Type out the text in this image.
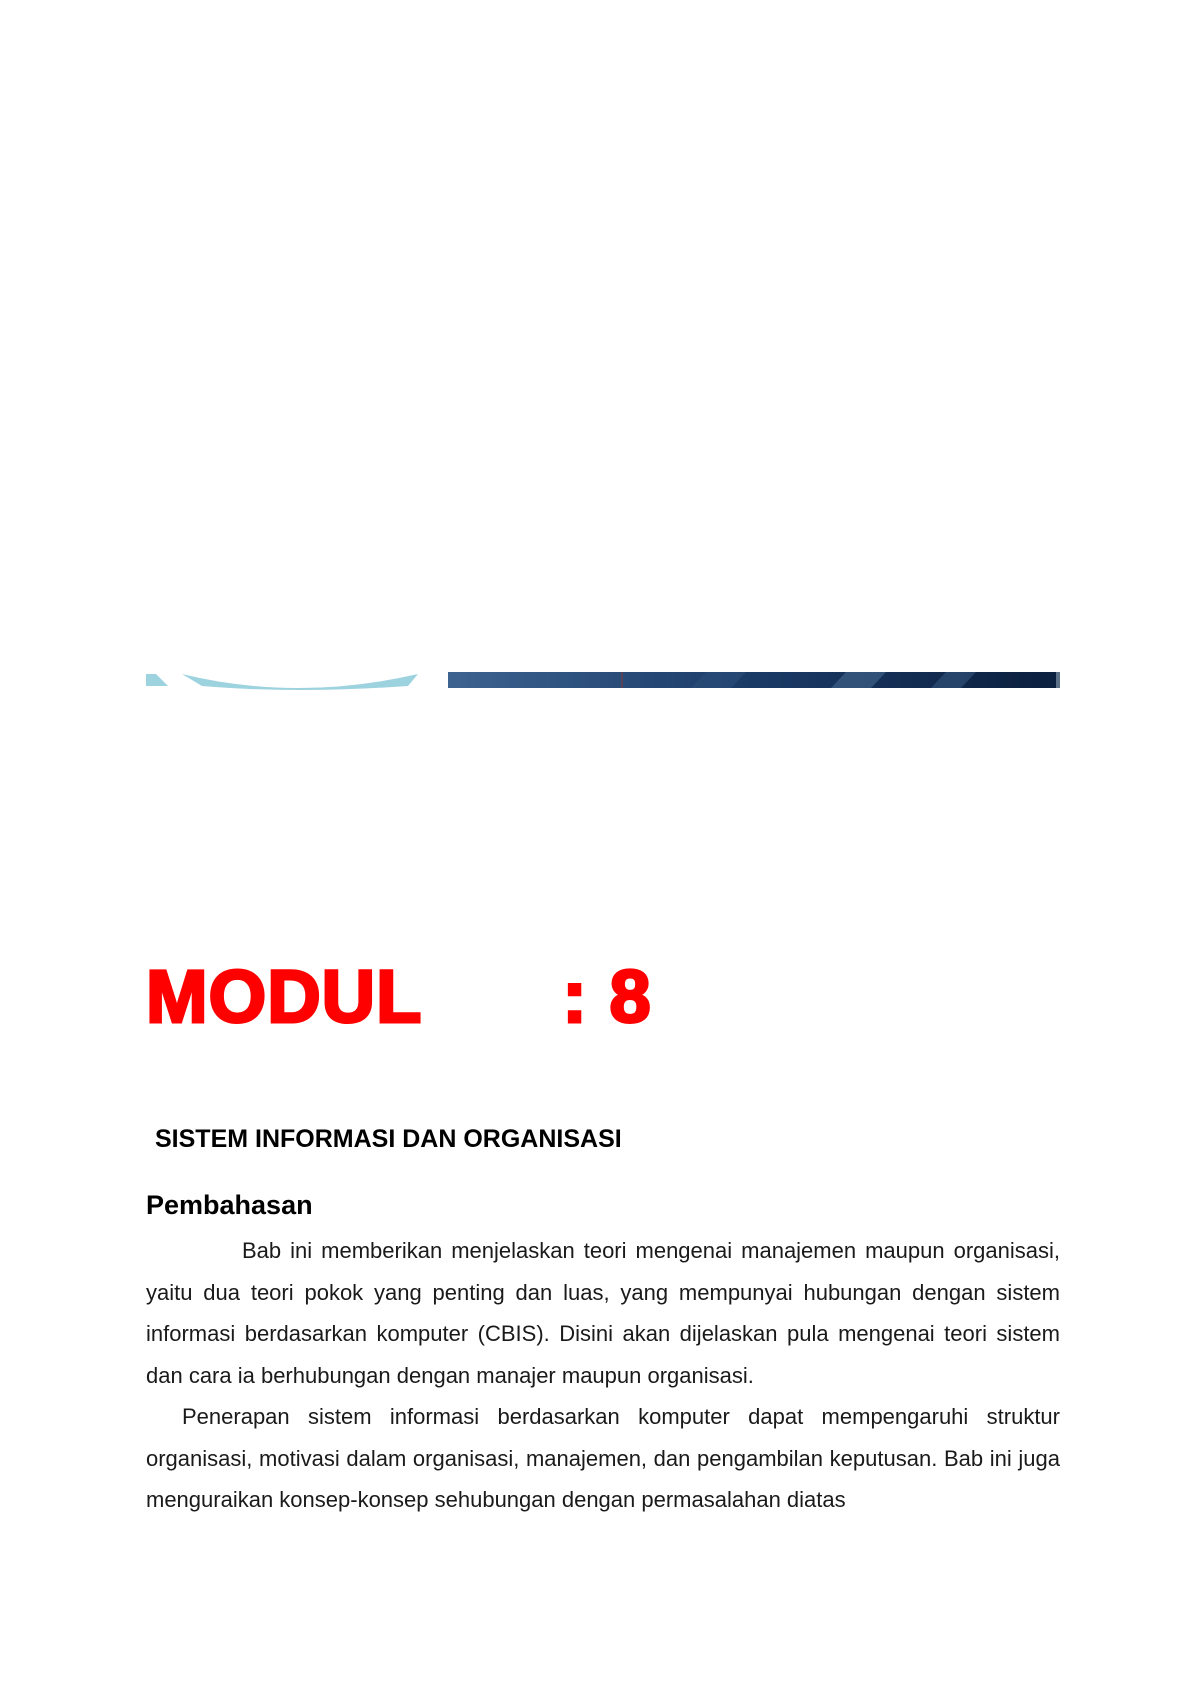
MODUL : 8
SISTEM INFORMASI DAN ORGANISASI
Pembahasan

Bab ini memberikan menjelaskan teori mengenai manajemen maupun organisasi, yaitu dua teori pokok yang penting dan luas, yang mempunyai hubungan dengan sistem informasi berdasarkan komputer (CBIS). Disini akan dijelaskan pula mengenai teori sistem dan cara ia berhubungan dengan manajer maupun organisasi.

Penerapan sistem informasi berdasarkan komputer dapat mempengaruhi struktur organisasi, motivasi dalam organisasi, manajemen, dan pengambilan keputusan. Bab ini juga menguraikan konsep-konsep sehubungan dengan permasalahan diatas
